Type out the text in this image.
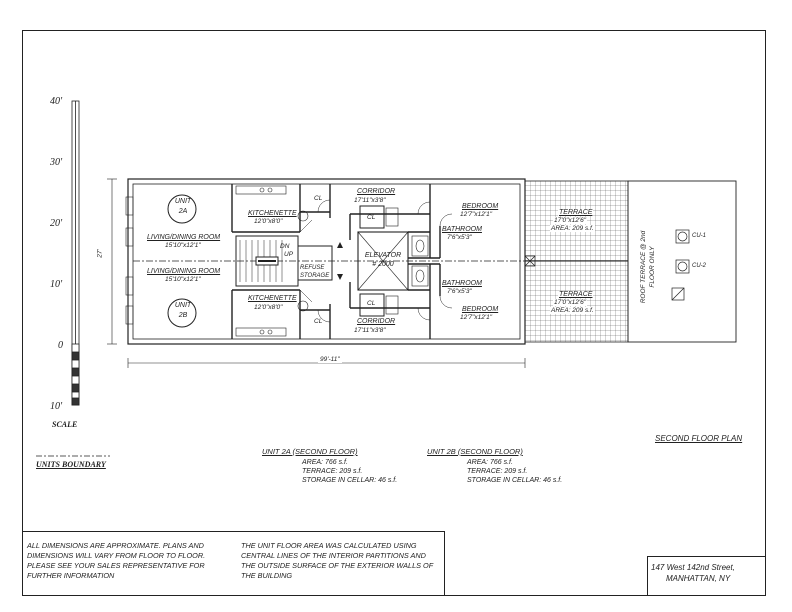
40'
30'
20'
10'
0
10'
SCALE
UNITS BOUNDARY
UNIT
2A
UNIT
2B
LIVING/DINING ROOM
15'10"x12'1"
LIVING/DINING ROOM
15'10"x12'1"
KITCHENETTE
12'0"x8'0"
KITCHENETTE
12'0"x8'0"
CORRIDOR
17'11"x3'8"
CORRIDOR
17'11"x3'8"
CL
CL
CL
CL
DN
UP
REFUSE
STORAGE
ELEVATOR
# 2000
BEDROOM
12'7"x12'1"
BATHROOM
7'6"x5'3"
BATHROOM
7'6"x5'3"
BEDROOM
12'7"x12'1"
TERRACE
17'0"x12'6"
AREA: 209 s.f.
TERRACE
17'0"x12'6"
AREA: 209 s.f.
ROOF TERRACE @ 2nd
FLOOR ONLY
CU-1
CU-2
99'-11"
27'
SECOND FLOOR PLAN
UNIT 2A (SECOND FLOOR)
AREA: 766 s.f.
TERRACE: 209 s.f.
STORAGE IN CELLAR: 46 s.f.
UNIT 2B (SECOND FLOOR)
AREA: 766 s.f.
TERRACE: 209 s.f.
STORAGE IN CELLAR: 46 s.f.
ALL DIMENSIONS ARE APPROXIMATE. PLANS AND
DIMENSIONS WILL VARY FROM FLOOR TO FLOOR.
PLEASE SEE YOUR SALES REPRESENTATIVE FOR
FURTHER INFORMATION
THE UNIT FLOOR AREA WAS CALCULATED USING
CENTRAL LINES OF THE INTERIOR PARTITIONS AND
THE OUTSIDE SURFACE OF THE EXTERIOR WALLS OF
THE BUILDING
147 West 142nd Street,
MANHATTAN, NY
